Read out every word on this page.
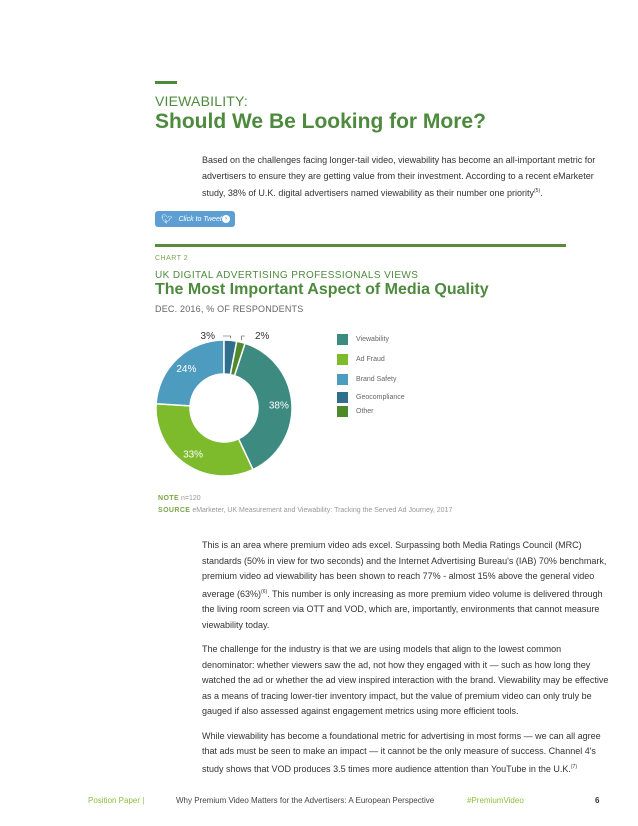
VIEWABILITY:
Should We Be Looking for More?

Based on the challenges facing longer-tail video, viewability has become an all-important metric for advertisers to ensure they are getting value from their investment. According to a recent eMarketer study, 38% of U.K. digital advertisers named viewability as their number one priority$^{(5)}$.

🐦︎ Click to Tweet ›
CHART 2
UK DIGITAL ADVERTISING PROFESSIONALS VIEWS
The Most Important Aspect of Media Quality
DEC. 2016, % OF RESPONDENTS
38%
33%
24%
3%	2%	Viewability
Ad Fraud
Brand Safety
Geocompliance
Other
NOTE n=120
SOURCE eMarketer, UK Measurement and Viewability: Tracking the Served Ad Journey, 2017

This is an area where premium video ads excel. Surpassing both Media Ratings Council (MRC) standards (50% in view for two seconds) and the Internet Advertising Bureau's (IAB) 70% benchmark, premium video ad viewability has been shown to reach 77% - almost 15% above the general video average $(63\%)^{(6)}$. This number is only increasing as more premium video volume is delivered through the living room screen via OTT and VOD, which are, importantly, environments that cannot measure viewability today.

The challenge for the industry is that we are using models that align to the lowest common denominator: whether viewers saw the ad, not how they engaged with it — such as how long they watched the ad or whether the ad view inspired interaction with the brand. Viewability may be effective as a means of tracing lower-tier inventory impact, but the value of premium video can only truly be gauged if also assessed against engagement metrics using more efficient tools.

While viewability has become a foundational metric for advertising in most forms — we can all agree that ads must be seen to make an impact — it cannot be the only measure of success. Channel 4's study shows that VOD produces 3.5 times more audience attention than YouTube in the U.K.$^{(7)}$

Position Paper |	Why Premium Video Matters for the Advertisers: A European Perspective	#PremiumVideo	6
